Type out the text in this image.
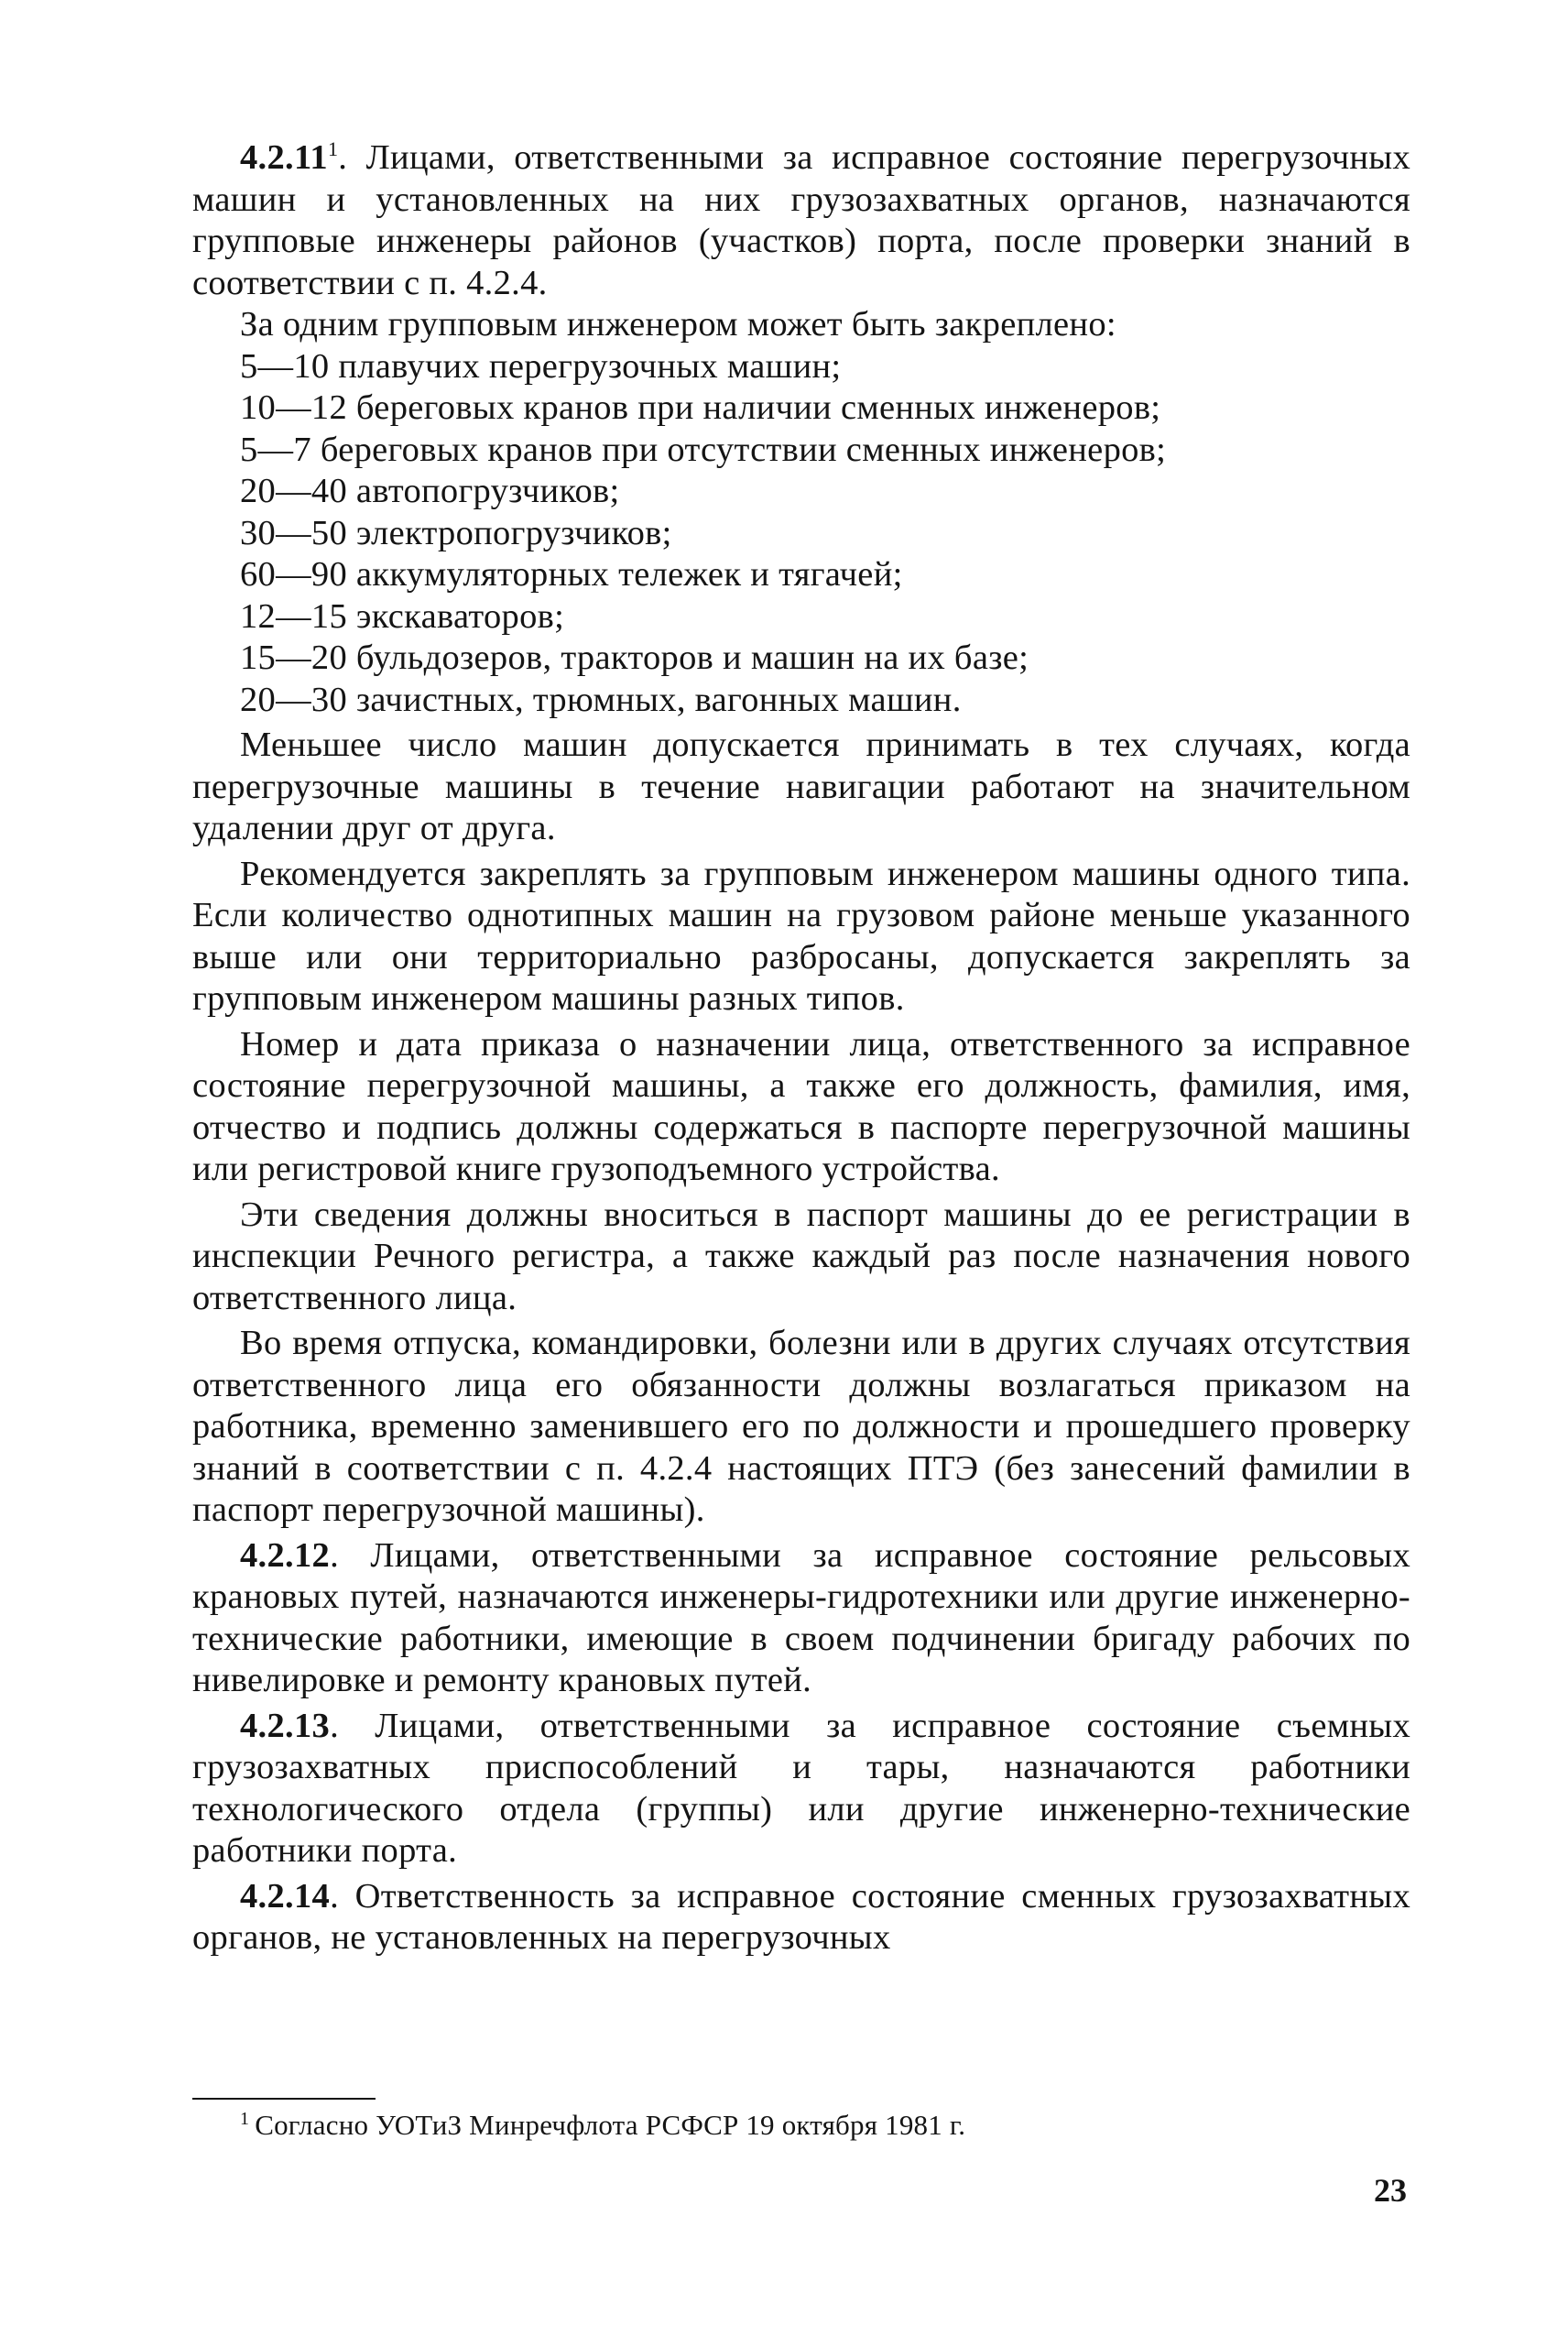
4.2.11$^1$. Лицами, ответственными за исправное состояние перегрузочных машин и установленных на них грузозахватных органов, назначаются групповые инженеры районов (участков) порта, после проверки знаний в соответствии с п. 4.2.4.

За одним групповым инженером может быть закреплено:

5—10 плавучих перегрузочных машин;
10—12 береговых кранов при наличии сменных инженеров;
5—7 береговых кранов при отсутствии сменных инженеров;
20—40 автопогрузчиков;
30—50 электропогрузчиков;
60—90 аккумуляторных тележек и тягачей;
12—15 экскаваторов;
15—20 бульдозеров, тракторов и машин на их базе;
20—30 зачистных, трюмных, вагонных машин.

Меньшее число машин допускается принимать в тех случаях, когда перегрузочные машины в течение навигации работают на значительном удалении друг от друга.

Рекомендуется закреплять за групповым инженером машины одного типа. Если количество однотипных машин на грузовом районе меньше указанного выше или они территориально разбросаны, допускается закреплять за групповым инженером машины разных типов.

Номер и дата приказа о назначении лица, ответственного за исправное состояние перегрузочной машины, а также его должность, фамилия, имя, отчество и подпись должны содержаться в паспорте перегрузочной машины или регистровой книге грузоподъемного устройства.

Эти сведения должны вноситься в паспорт машины до ее регистрации в инспекции Речного регистра, а также каждый раз после назначения нового ответственного лица.

Во время отпуска, командировки, болезни или в других случаях отсутствия ответственного лица его обязанности должны возлагаться приказом на работника, временно заменившего его по должности и прошедшего проверку знаний в соответствии с п. 4.2.4 настоящих ПТЭ (без занесений фамилии в паспорт перегрузочной машины).

4.2.12. Лицами, ответственными за исправное состояние рельсовых крановых путей, назначаются инженеры-гидротехники или другие инженерно-технические работники, имеющие в своем подчинении бригаду рабочих по нивелировке и ремонту крановых путей.

4.2.13. Лицами, ответственными за исправное состояние съемных грузозахватных приспособлений и тары, назначаются работники технологического отдела (группы) или другие инженерно-технические работники порта.

4.2.14. Ответственность за исправное состояние сменных грузозахватных органов, не установленных на перегрузочных

$^1$ Согласно УОТиЗ Минречфлота РСФСР 19 октября 1981 г.
23
